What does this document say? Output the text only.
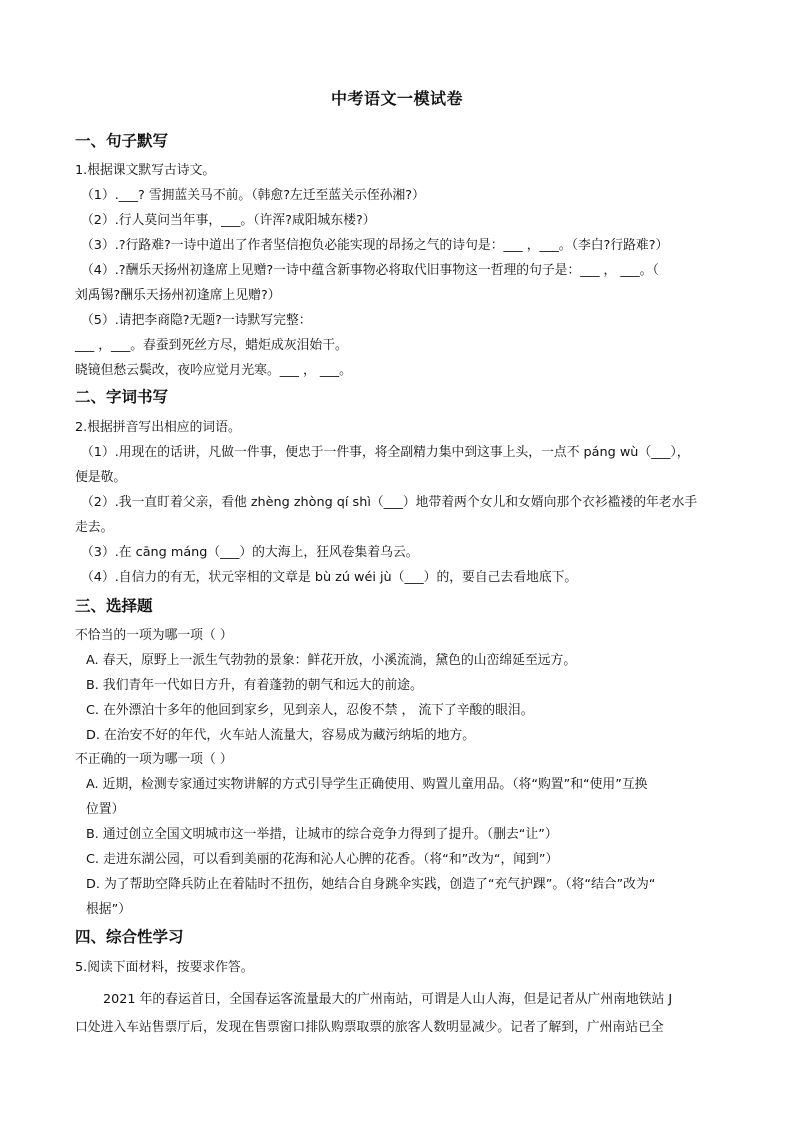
中考语文一模试卷
一、句子默写
1.根据课文默写古诗文。
（1）.___? 雪拥蓝关马不前。（韩愈?左迁至蓝关示侄孙湘?）
（2）.行人莫问当年事，___。（许浑?咸阳城东楼?）
（3）.?行路难?一诗中道出了作者坚信抱负必能实现的昂扬之气的诗句是：___ ，___。（李白?行路难?）
（4）.?酬乐天扬州初逢席上见赠?一诗中蕴含新事物必将取代旧事物这一哲理的句子是：___ ， ___。（
刘禹锡?酬乐天扬州初逢席上见赠?）
（5）.请把李商隐?无题?一诗默写完整：
___ ，___。春蚕到死丝方尽，蜡炬成灰泪始干。
晓镜但愁云鬓改，夜吟应觉月光寒。___ ， ___。
二、字词书写
2.根据拼音写出相应的词语。
（1）.用现在的话讲，凡做一件事，便忠于一件事，将全副精力集中到这事上头，一点不 páng wù（___），
便是敬。
（2）.我一直盯着父亲，看他 zhèng zhòng qí shì（___）地带着两个女儿和女婿向那个衣衫褴褛的年老水手
走去。
（3）.在 cāng máng（___）的大海上，狂风卷集着乌云。
（4）.自信力的有无，状元宰相的文章是 bù zú wéi jù（___）的，要自己去看地底下。
三、选择题
不恰当的一项为哪一项（ ）
A. 春天，原野上一派生气勃勃的景象：鲜花开放，小溪流淌，黛色的山峦绵延至远方。
B. 我们青年一代如日方升，有着蓬勃的朝气和远大的前途。
C. 在外漂泊十多年的他回到家乡，见到亲人，忍俊不禁 ， 流下了辛酸的眼泪。
D. 在治安不好的年代，火车站人流量大，容易成为藏污纳垢的地方。
不正确的一项为哪一项（ ）
A. 近期，检测专家通过实物讲解的方式引导学生正确使用、购置儿童用品。（将“购置”和“使用”互换
位置）
B. 通过创立全国文明城市这一举措，让城市的综合竞争力得到了提升。（删去“让”）
C. 走进东湖公园，可以看到美丽的花海和沁人心脾的花香。（将“和”改为“，闻到”）
D. 为了帮助空降兵防止在着陆时不扭伤，她结合自身跳伞实践，创造了“充气护踝”。（将“结合”改为“
根据”）
四、综合性学习
5.阅读下面材料，按要求作答。
2021 年的春运首日，全国春运客流量最大的广州南站，可谓是人山人海，但是记者从广州南地铁站 J
口处进入车站售票厅后，发现在售票窗口排队购票取票的旅客人数明显减少。记者了解到，广州南站已全
